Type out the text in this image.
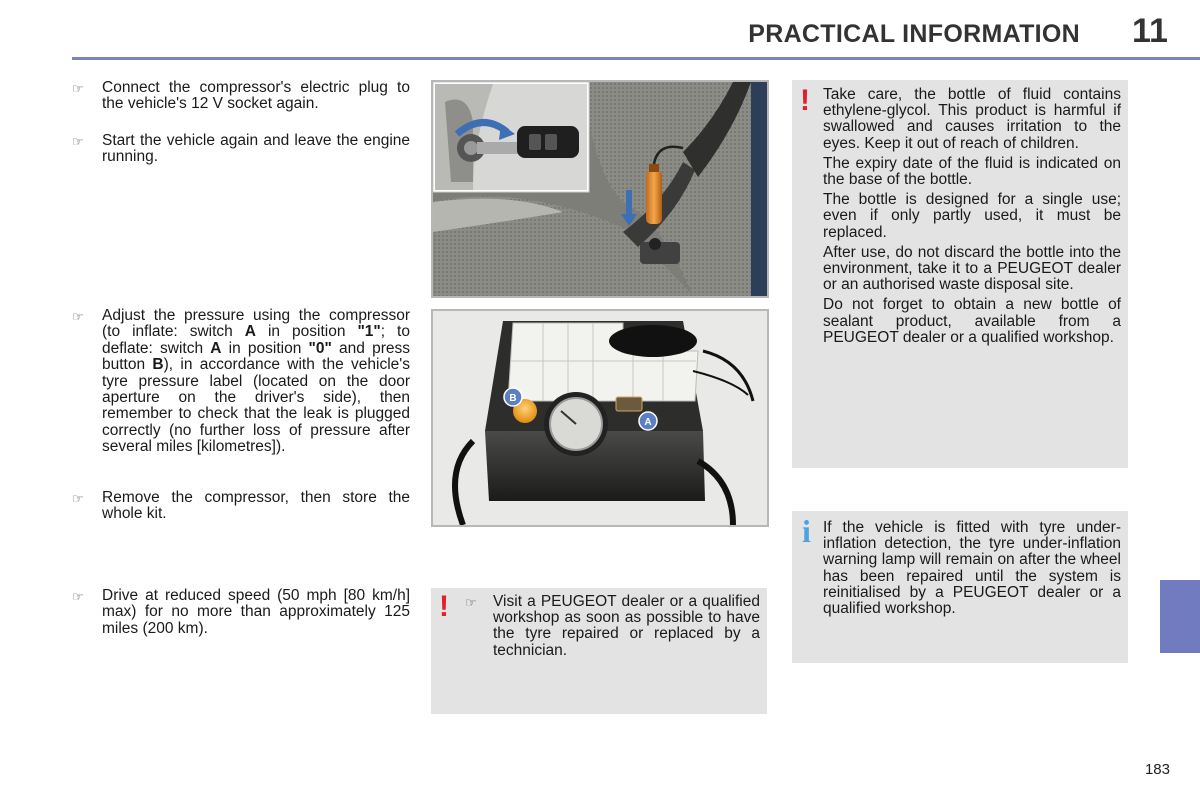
PRACTICAL INFORMATION	11
☞	Connect the compressor's electric plug to the vehicle's 12 V socket again.
☞	Start the vehicle again and leave the engine running.
☞	Adjust the pressure using the compressor (to inflate: switch A in position "1"; to deflate: switch A in position "0" and press button B), in accordance with the vehicle's tyre pressure label (located on the door aperture on the driver's side), then remember to check that the leak is plugged correctly (no further loss of pressure after several miles [kilometres]).
☞	Remove the compressor, then store the whole kit.
☞	Drive at reduced speed (50 mph [80 km/h] max) for no more than approximately 125 miles (200 km).
B
A
! ☞ Visit a PEUGEOT dealer or a qualified workshop as soon as possible to have the tyre repaired or replaced by a technician.

! Take care, the bottle of fluid contains ethylene-glycol. This product is harmful if swallowed and causes irritation to the eyes. Keep it out of reach of children.

The expiry date of the fluid is indicated on the base of the bottle.

The bottle is designed for a single use; even if only partly used, it must be replaced.

After use, do not discard the bottle into the environment, take it to a PEUGEOT dealer or an authorised waste disposal site.

Do not forget to obtain a new bottle of sealant product, available from a PEUGEOT dealer or a qualified workshop.

i If the vehicle is fitted with tyre under-inflation detection, the tyre under-inflation warning lamp will remain on after the wheel has been repaired until the system is reinitialised by a PEUGEOT dealer or a qualified workshop.

183
